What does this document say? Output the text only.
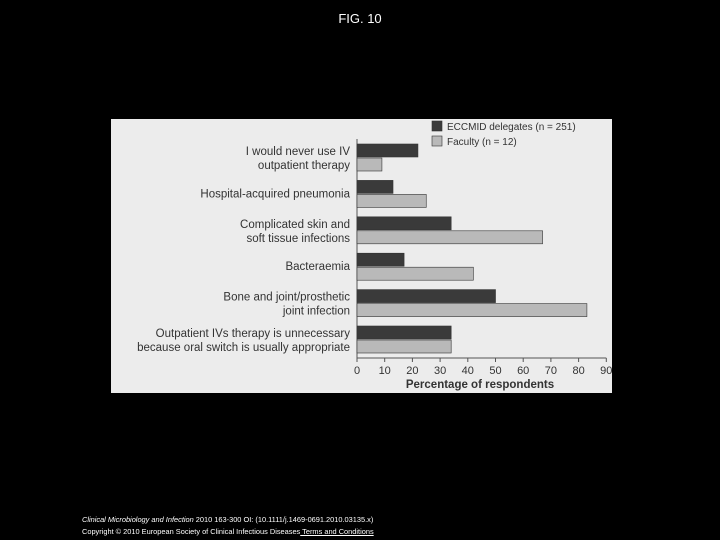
FIG. 10
I would never use IV outpatient therapy
Hospital-acquired pneumonia
Complicated skin and soft tissue infections
Bacteraemia
Bone and joint/prosthetic joint infection
Outpatient IVs therapy is unnecessary because oral switch is usually appropriate
0 10 20 30 40 50 60 70 80 90
Percentage of respondents
ECCMID delegates (n = 251)
Faculty (n = 12)
Clinical Microbiology and Infection 2010 163-300 OI: (10.1111/j.1469-0691.2010.03135.x)
Copyright © 2010 European Society of Clinical Infectious Diseases Terms and Conditions
